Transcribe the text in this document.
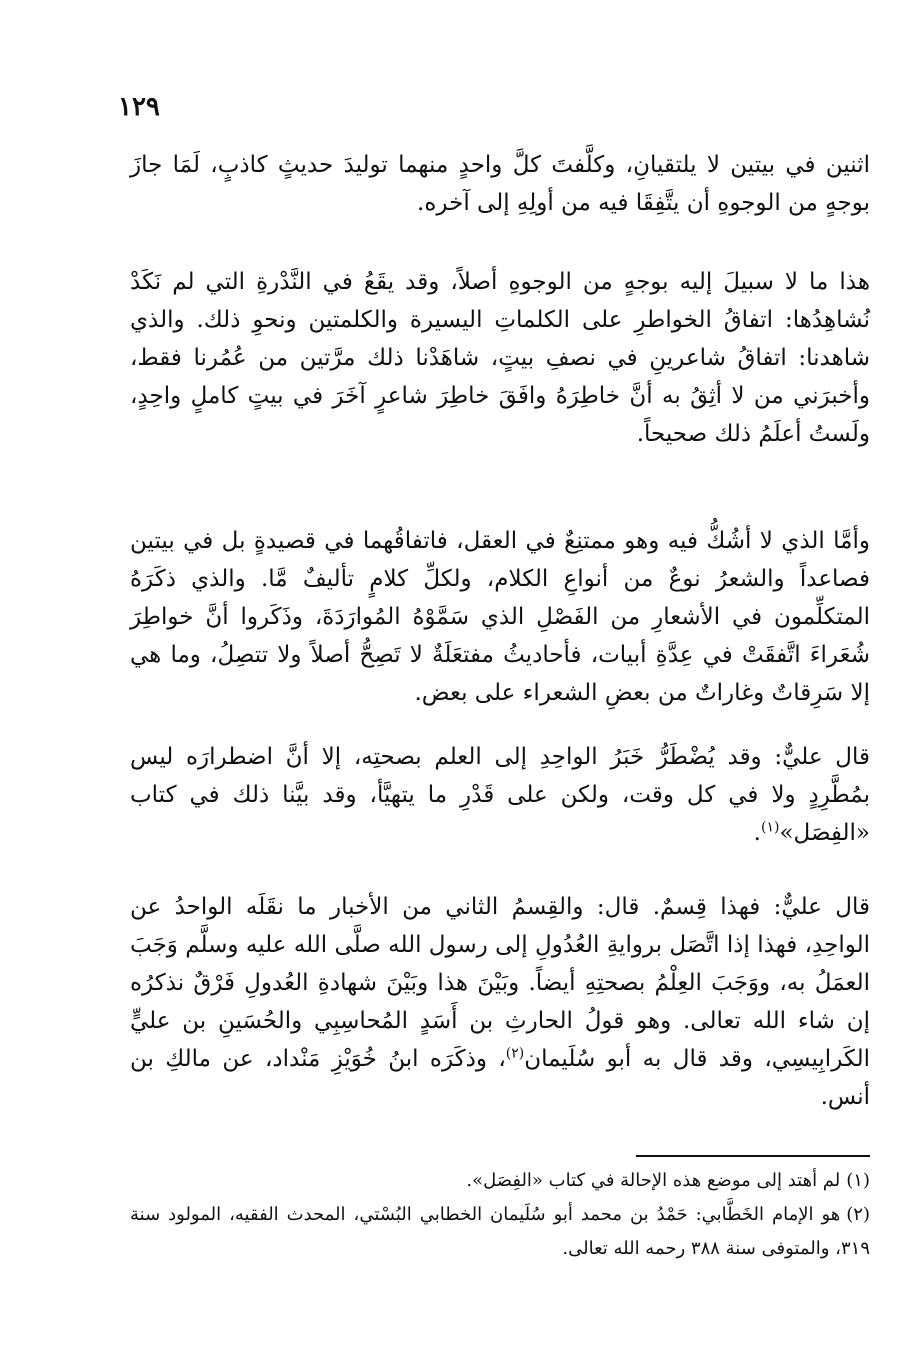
١٢٩

اثنين في بيتين لا يلتقيانِ، وكلَّفتَ كلَّ واحدٍ منهما توليدَ حديثٍ كاذبٍ، لَمَا جازَ بوجهٍ من الوجوهِ أن يتَّفِقَا فيه من أولِهِ إلى آخره.

هذا ما لا سبيلَ إليه بوجهٍ من الوجوهِ أصلاً، وقد يقَعُ في النَّدْرةِ التي لم نَكَدْ نُشاهِدُها: اتفاقُ الخواطرِ على الكلماتِ اليسيرة والكلمتين ونحوِ ذلك. والذي شاهدنا: اتفاقُ شاعرينِ في نصفِ بيتٍ، شاهَدْنا ذلك مرَّتين من عُمُرنا فقط، وأخبرَني من لا أثِقُ به أنَّ خاطِرَهُ وافَقَ خاطِرَ شاعرٍ آخَرَ في بيتٍ كاملٍ واحِدٍ، ولَستُ أعلَمُ ذلك صحيحاً.

وأمَّا الذي لا أشُكُّ فيه وهو ممتنِعٌ في العقل، فاتفاقُهما في قصيدةٍ بل في بيتين فصاعداً والشعرُ نوعٌ من أنواعِ الكلام، ولكلِّ كلامٍ تأليفٌ مَّا. والذي ذكَرَهُ المتكلِّمون في الأشعارِ من الفَصْلِ الذي سَمَّوْهُ المُوارَدَةَ، وذَكَروا أنَّ خواطِرَ شُعَراءَ اتَّفقَتْ في عِدَّةِ أبيات، فأحاديثُ مفتعَلَةٌ لا تَصِحُّ أصلاً ولا تتصِلُ، وما هي إلا سَرِقاتٌ وغاراتٌ من بعضِ الشعراء على بعض.

قال عليٌّ: وقد يُضْطَرُّ خَبَرُ الواحِدِ إلى العلم بصحتِه، إلا أنَّ اضطرارَه ليس بمُطَّرِدٍ ولا في كل وقت، ولكن على قَدْرِ ما يتهيَّأ، وقد بيَّنا ذلك في كتاب «الفِصَل»$^{(١)}$.

قال عليٌّ: فهذا قِسمٌ. قال: والقِسمُ الثاني من الأخبار ما نقَلَه الواحدُ عن الواحِدِ، فهذا إذا اتَّصَل بروايةِ العُدُولِ إلى رسول الله صلَّى الله عليه وسلَّم وَجَبَ العمَلُ به، ووَجَبَ العِلْمُ بصحتِهِ أيضاً. وبَيْنَ هذا وبَيْنَ شهادةِ العُدولِ فَرْقٌ نذكرُه إن شاء الله تعالى. وهو قولُ الحارثِ بن أَسَدٍ المُحاسِبِي والحُسَينِ بن عليٍّ الكَرابِيسِي، وقد قال به أبو سُلَيمان$^{(٢)}$، وذكَرَه ابنُ خُوَيْزِ مَنْداد، عن مالكِ بن أنس.

(١)لم أهتد إلى موضع هذه الإحالة في كتاب «الفِصَل».

(٢)هو الإمام الخَطَّابي: حَمْدُ بن محمد أبو سُلَيمان الخطابي البُسْتي، المحدث الفقيه، المولود سنة ٣١٩، والمتوفى سنة ٣٨٨ رحمه الله تعالى.
